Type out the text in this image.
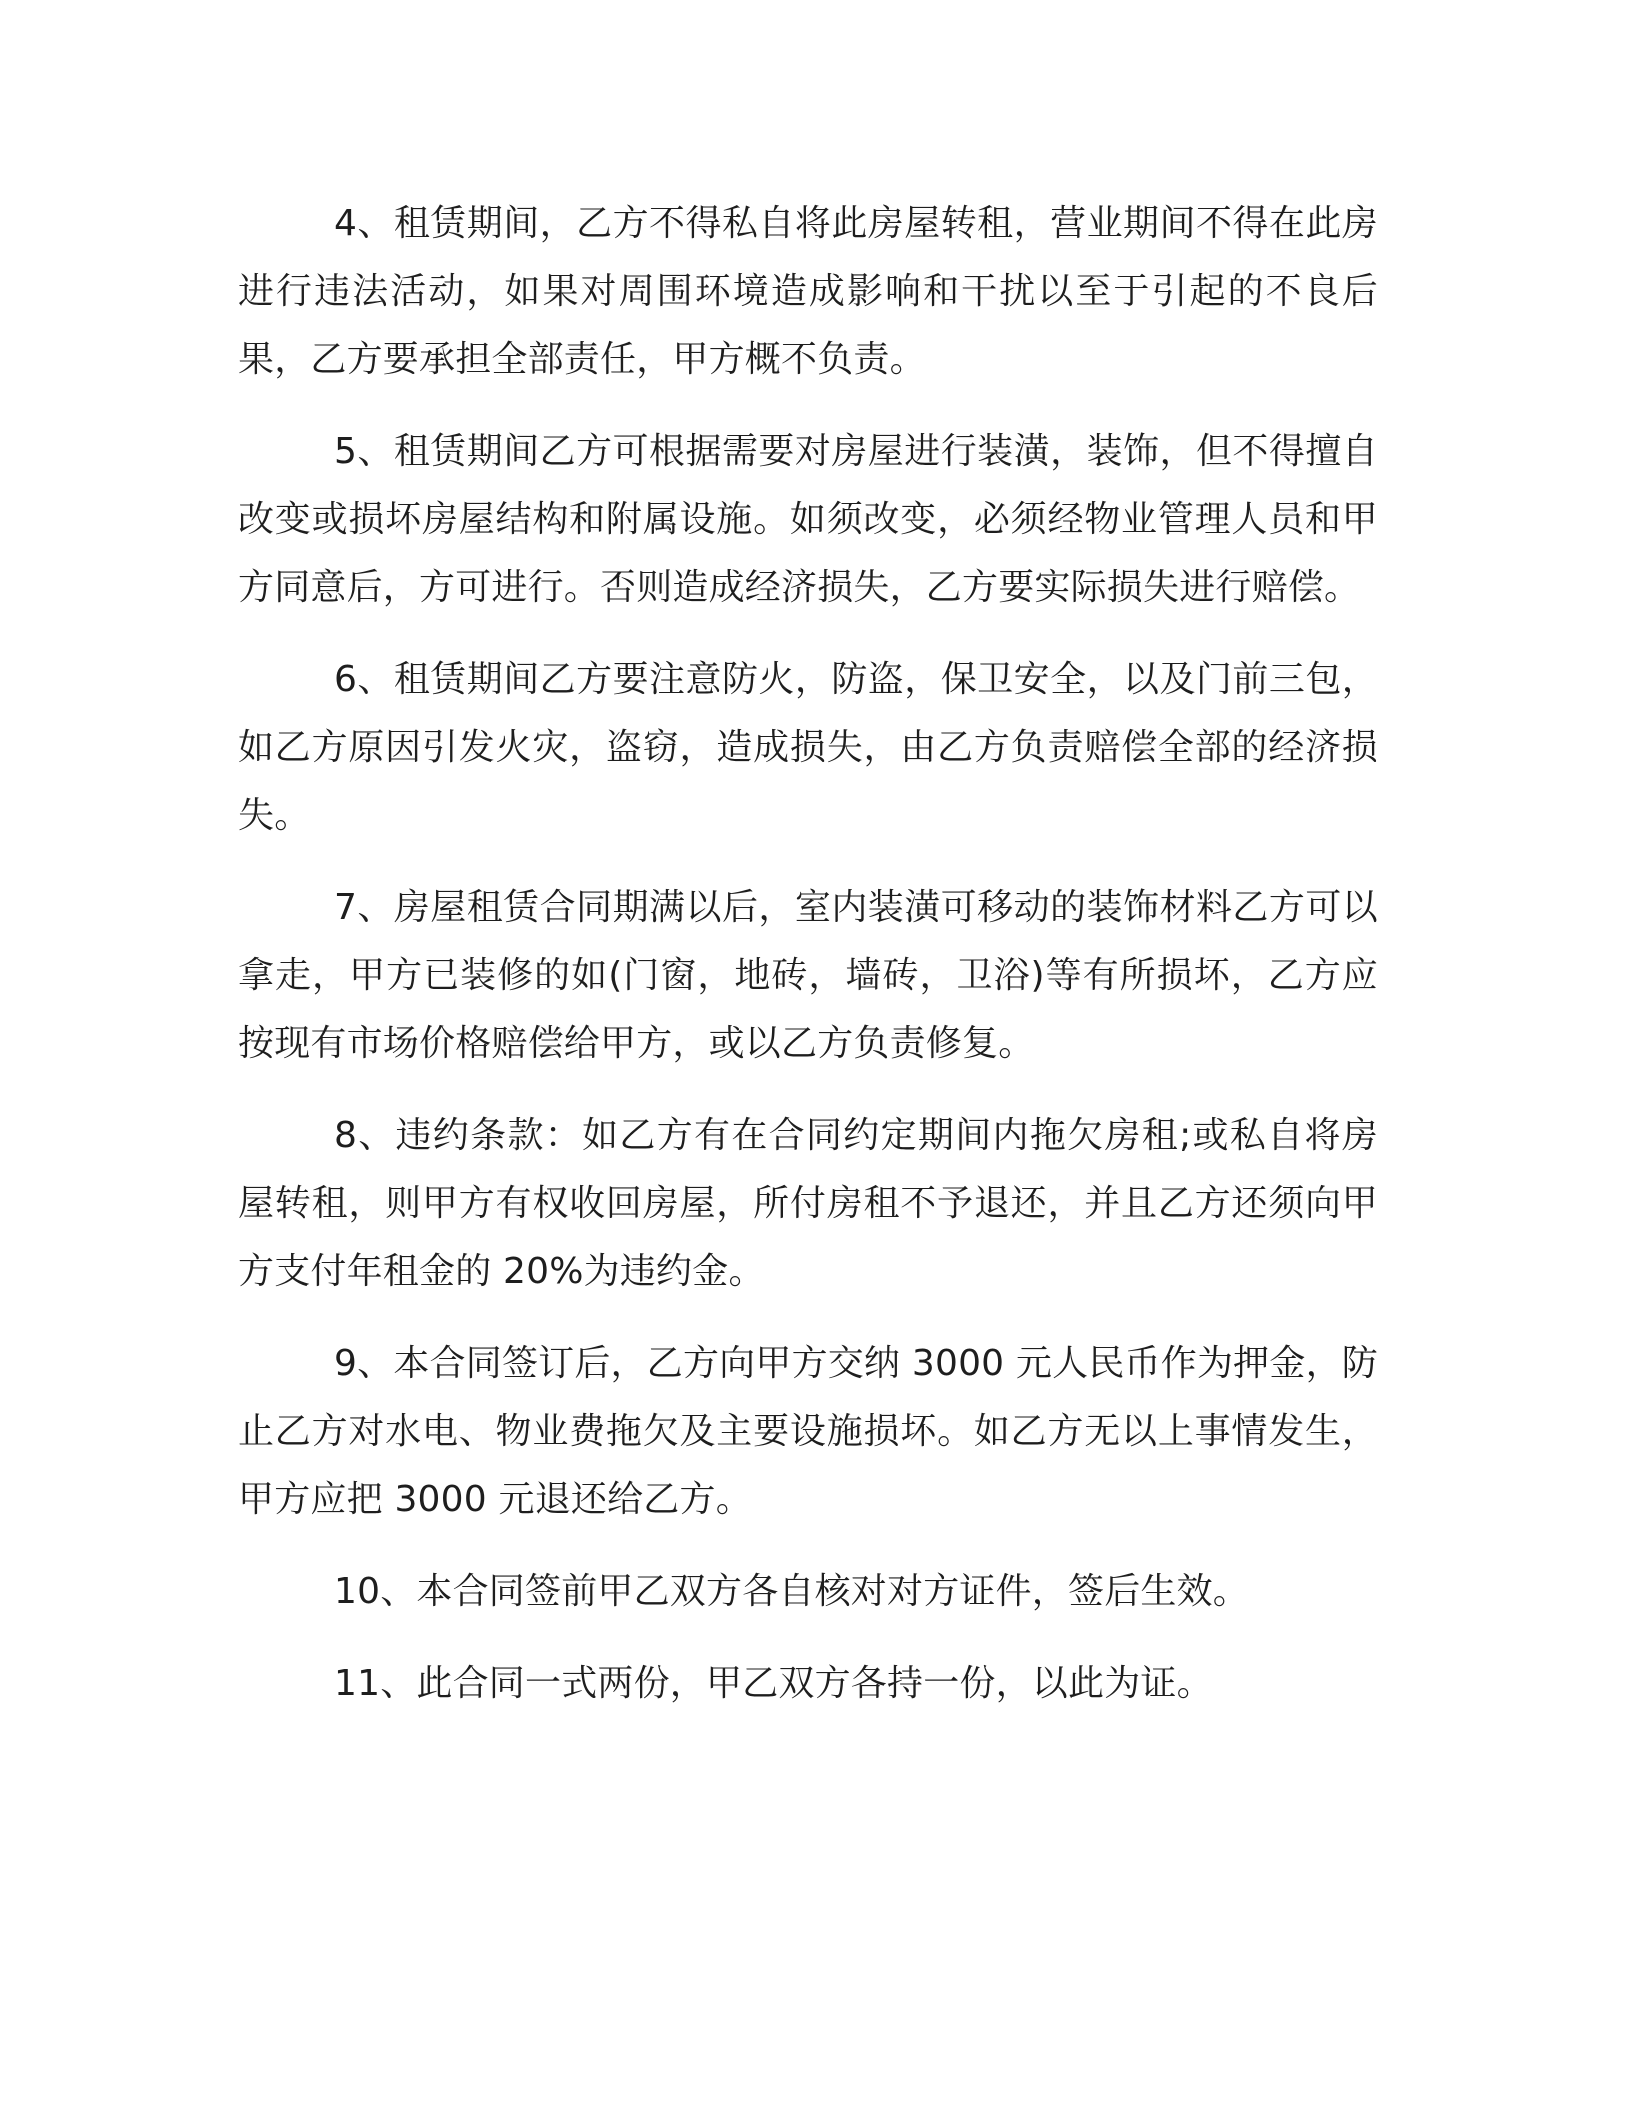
4、租赁期间，乙方不得私自将此房屋转租，营业期间不得在此房进行违法活动，如果对周围环境造成影响和干扰以至于引起的不良后果，乙方要承担全部责任，甲方概不负责。

5、租赁期间乙方可根据需要对房屋进行装潢，装饰，但不得擅自改变或损坏房屋结构和附属设施。如须改变，必须经物业管理人员和甲方同意后，方可进行。否则造成经济损失，乙方要实际损失进行赔偿。

6、租赁期间乙方要注意防火，防盗，保卫安全，以及门前三包，如乙方原因引发火灾，盗窃，造成损失，由乙方负责赔偿全部的经济损失。

7、房屋租赁合同期满以后，室内装潢可移动的装饰材料乙方可以拿走，甲方已装修的如(门窗，地砖，墙砖，卫浴)等有所损坏，乙方应按现有市场价格赔偿给甲方，或以乙方负责修复。

8、违约条款：如乙方有在合同约定期间内拖欠房租;或私自将房屋转租，则甲方有权收回房屋，所付房租不予退还，并且乙方还须向甲方支付年租金的 20%为违约金。

9、本合同签订后，乙方向甲方交纳 3000 元人民币作为押金，防止乙方对水电、物业费拖欠及主要设施损坏。如乙方无以上事情发生，甲方应把 3000 元退还给乙方。

10、本合同签前甲乙双方各自核对对方证件，签后生效。

11、此合同一式两份，甲乙双方各持一份，以此为证。
